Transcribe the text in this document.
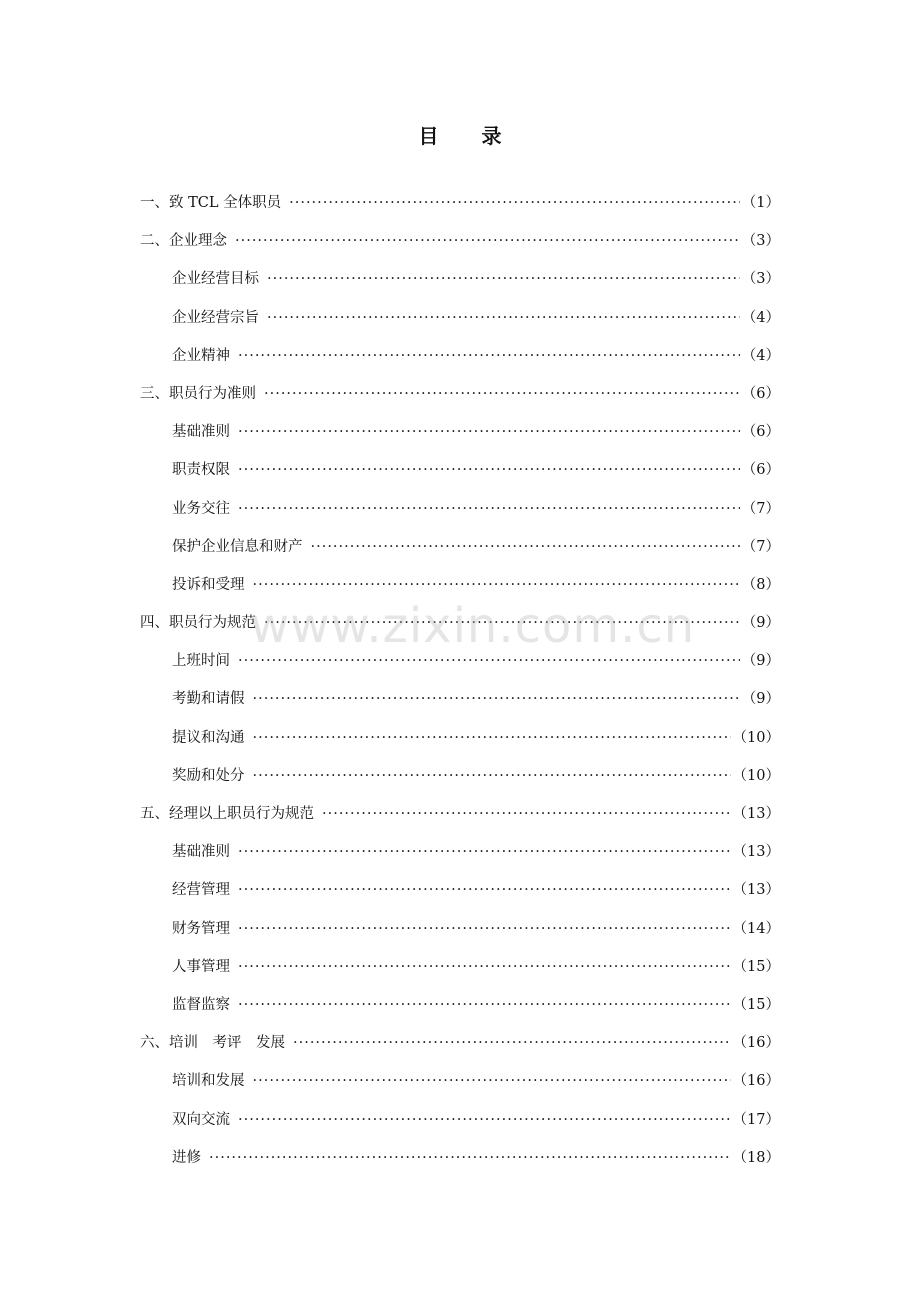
目 录
一、致 TCL 全体职员 ·····	（1）
二、企业理念 ·····	（3）
企业经营目标 ·····	（3）
企业经营宗旨 ·····	（4）
企业精神 ·····	（4）
三、职员行为准则 ·····	（6）
基础准则 ·····	（6）
职责权限 ·····	（6）
业务交往 ·····	（7）
保护企业信息和财产 ·····	（7）
投诉和受理 ·····	（8）
四、职员行为规范 ·····	（9）
上班时间 ·····	（9）
考勤和请假 ·····	（9）
提议和沟通 ·····	（10）
奖励和处分 ·····	（10）
五、经理以上职员行为规范 ·····	（13）
基础准则 ·····	（13）
经营管理 ·····	（13）
财务管理 ·····	（14）
人事管理 ·····	（15）
监督监察 ·····	（15）
六、培训　考评　发展 ·····	（16）
培训和发展 ·····	（16）
双向交流 ·····	（17）
进修 ·····	（18）
www.zixin.com.cn
